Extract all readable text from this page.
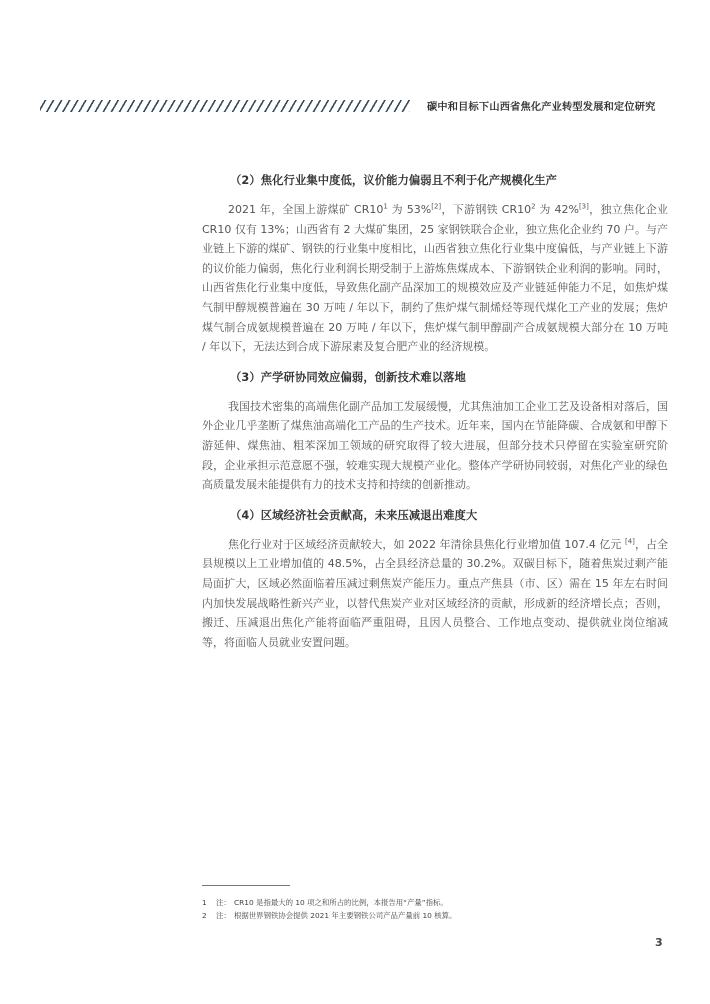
碳中和目标下山西省焦化产业转型发展和定位研究
（2）焦化行业集中度低，议价能力偏弱且不利于化产规模化生产

2021 年，全国上游煤矿 $CR10^1$ 为 53%[2]，下游钢铁 $CR10^2$ 为 42%[3]，独立焦化企业 CR10 仅有 13%；山西省有 2 大煤矿集团，25 家钢铁联合企业，独立焦化企业约 70 户。与产业链上下游的煤矿、钢铁的行业集中度相比，山西省独立焦化行业集中度偏低，与产业链上下游的议价能力偏弱，焦化行业利润长期受制于上游炼焦煤成本、下游钢铁企业利润的影响。同时，山西省焦化行业集中度低，导致焦化副产品深加工的规模效应及产业链延伸能力不足，如焦炉煤气制甲醇规模普遍在 30 万吨 / 年以下，制约了焦炉煤气制烯烃等现代煤化工产业的发展；焦炉煤气制合成氨规模普遍在 20 万吨 / 年以下，焦炉煤气制甲醇副产合成氨规模大部分在 10 万吨 / 年以下，无法达到合成下游尿素及复合肥产业的经济规模。

（3）产学研协同效应偏弱，创新技术难以落地

我国技术密集的高端焦化副产品加工发展缓慢，尤其焦油加工企业工艺及设备相对落后，国外企业几乎垄断了煤焦油高端化工产品的生产技术。近年来，国内在节能降碳、合成氨和甲醇下游延伸、煤焦油、粗苯深加工领域的研究取得了较大进展，但部分技术只停留在实验室研究阶段，企业承担示范意愿不强，较难实现大规模产业化。整体产学研协同较弱，对焦化产业的绿色高质量发展未能提供有力的技术支持和持续的创新推动。

（4）区域经济社会贡献高，未来压减退出难度大

焦化行业对于区域经济贡献较大，如 2022 年清徐县焦化行业增加值 107.4 亿元 [4]，占全县规模以上工业增加值的 48.5%，占全县经济总量的 30.2%。双碳目标下，随着焦炭过剩产能局面扩大，区域必然面临着压减过剩焦炭产能压力。重点产焦县（市、区）需在 15 年左右时间内加快发展战略性新兴产业，以替代焦炭产业对区域经济的贡献，形成新的经济增长点；否则，搬迁、压减退出焦化产能将面临严重阻碍，且因人员整合、工作地点变动、提供就业岗位缩减等，将面临人员就业安置问题。

1	注： CR10 是指最大的 10 项之和所占的比例，本报告用“产量”指标。
2	注： 根据世界钢铁协会提供 2021 年主要钢铁公司产品产量前 10 核算。
3
